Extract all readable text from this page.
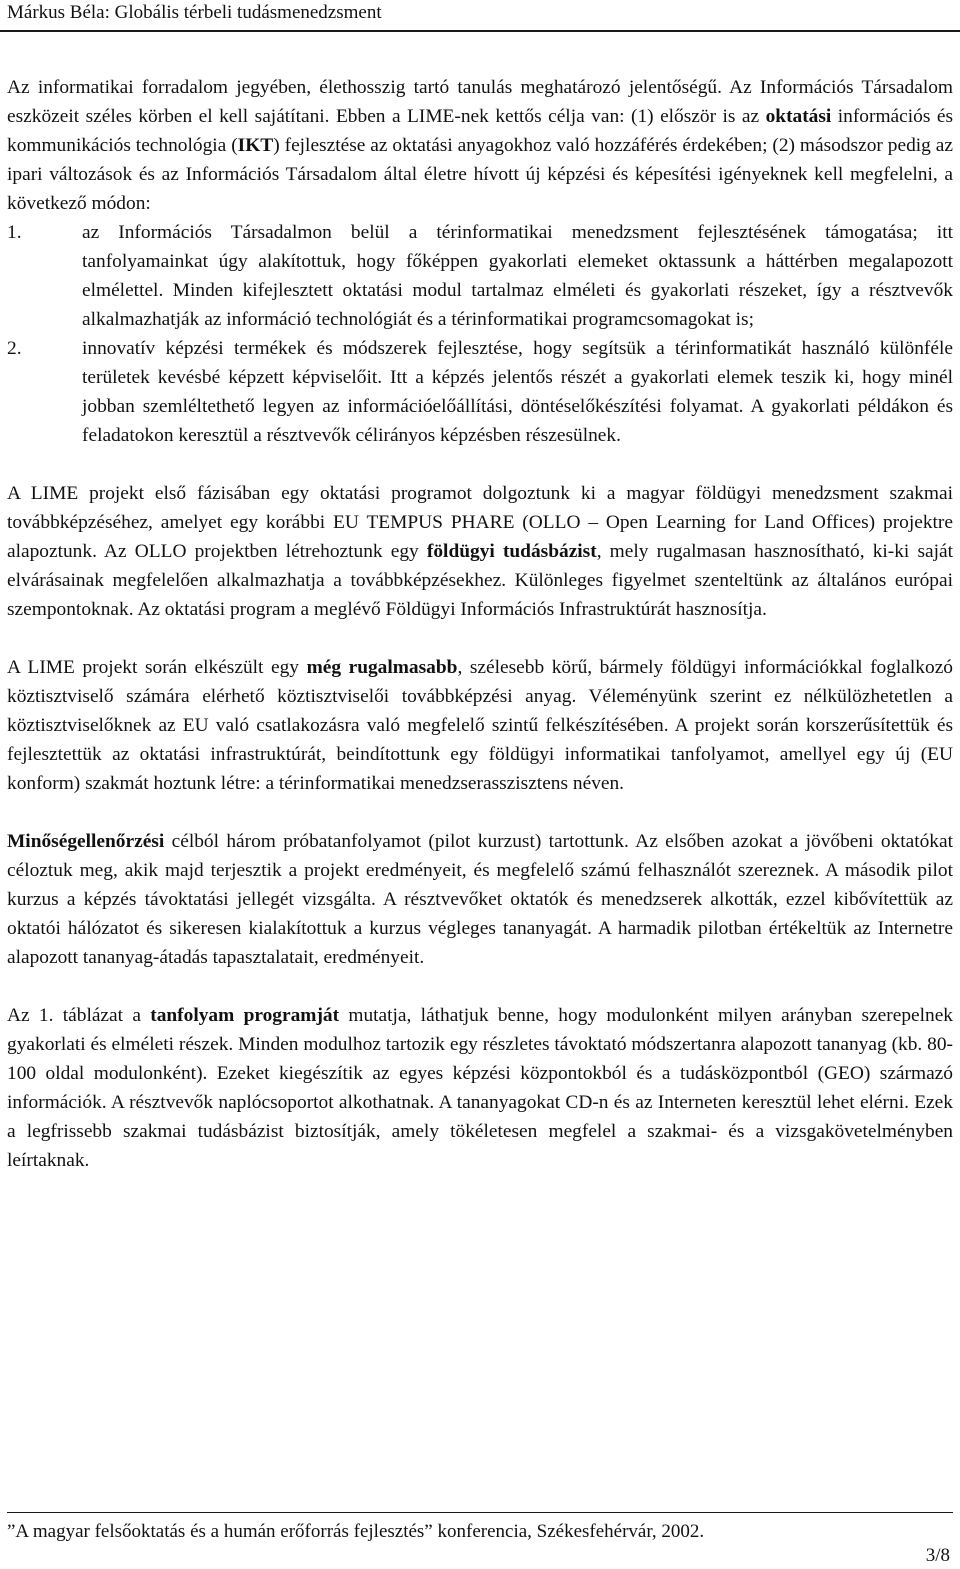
Márkus Béla: Globális térbeli tudásmenedzsment

Az informatikai forradalom jegyében, élethosszig tartó tanulás meghatározó jelentőségű. Az Információs Társadalom eszközeit széles körben el kell sajátítani. Ebben a LIME-nek kettős célja van: (1) először is az oktatási információs és kommunikációs technológia (IKT) fejlesztése az oktatási anyagokhoz való hozzáférés érdekében; (2) másodszor pedig az ipari változások és az Információs Társadalom által életre hívott új képzési és képesítési igényeknek kell megfelelni, a következő módon:

1.	az Információs Társadalmon belül a térinformatikai menedzsment fejlesztésének támogatása; itt tanfolyamainkat úgy alakítottuk, hogy főképpen gyakorlati elemeket oktassunk a háttérben megalapozott elmélettel. Minden kifejlesztett oktatási modul tartalmaz elméleti és gyakorlati részeket, így a résztvevők alkalmazhatják az információ technológiát és a térinformatikai programcsomagokat is;
2.	innovatív képzési termékek és módszerek fejlesztése, hogy segítsük a térinformatikát használó különféle területek kevésbé képzett képviselőit. Itt a képzés jelentős részét a gyakorlati elemek teszik ki, hogy minél jobban szemléltethető legyen az információelőállítási, döntéselőkészítési folyamat. A gyakorlati példákon és feladatokon keresztül a résztvevők célirányos képzésben részesülnek.

A LIME projekt első fázisában egy oktatási programot dolgoztunk ki a magyar földügyi menedzsment szakmai továbbképzéséhez, amelyet egy korábbi EU TEMPUS PHARE (OLLO – Open Learning for Land Offices) projektre alapoztunk. Az OLLO projektben létrehoztunk egy földügyi tudásbázist, mely rugalmasan hasznosítható, ki-ki saját elvárásainak megfelelően alkalmazhatja a továbbképzésekhez. Különleges figyelmet szenteltünk az általános európai szempontoknak. Az oktatási program a meglévő Földügyi Információs Infrastruktúrát hasznosítja.

A LIME projekt során elkészült egy még rugalmasabb, szélesebb körű, bármely földügyi információkkal foglalkozó köztisztviselő számára elérhető köztisztviselői továbbképzési anyag. Véleményünk szerint ez nélkülözhetetlen a köztisztviselőknek az EU való csatlakozásra való megfelelő szintű felkészítésében. A projekt során korszerűsítettük és fejlesztettük az oktatási infrastruktúrát, beindítottunk egy földügyi informatikai tanfolyamot, amellyel egy új (EU konform) szakmát hoztunk létre: a térinformatikai menedzserasszisztens néven.

Minőségellenőrzési célból három próbatanfolyamot (pilot kurzust) tartottunk. Az elsőben azokat a jövőbeni oktatókat céloztuk meg, akik majd terjesztik a projekt eredményeit, és megfelelő számú felhasználót szereznek. A második pilot kurzus a képzés távoktatási jellegét vizsgálta. A résztvevőket oktatók és menedzserek alkották, ezzel kibővítettük az oktatói hálózatot és sikeresen kialakítottuk a kurzus végleges tananyagát. A harmadik pilotban értékeltük az Internetre alapozott tananyag-átadás tapasztalatait, eredményeit.

Az 1. táblázat a tanfolyam programját mutatja, láthatjuk benne, hogy modulonként milyen arányban szerepelnek gyakorlati és elméleti részek. Minden modulhoz tartozik egy részletes távoktató módszertanra alapozott tananyag (kb. 80-100 oldal modulonként). Ezeket kiegészítik az egyes képzési központokból és a tudásközpontból (GEO) származó információk. A résztvevők naplócsoportot alkothatnak. A tananyagokat CD-n és az Interneten keresztül lehet elérni. Ezek a legfrissebb szakmai tudásbázist biztosítják, amely tökéletesen megfelel a szakmai- és a vizsgakövetelményben leírtaknak.

”A magyar felsőoktatás és a humán erőforrás fejlesztés” konferencia, Székesfehérvár, 2002.
3/8
